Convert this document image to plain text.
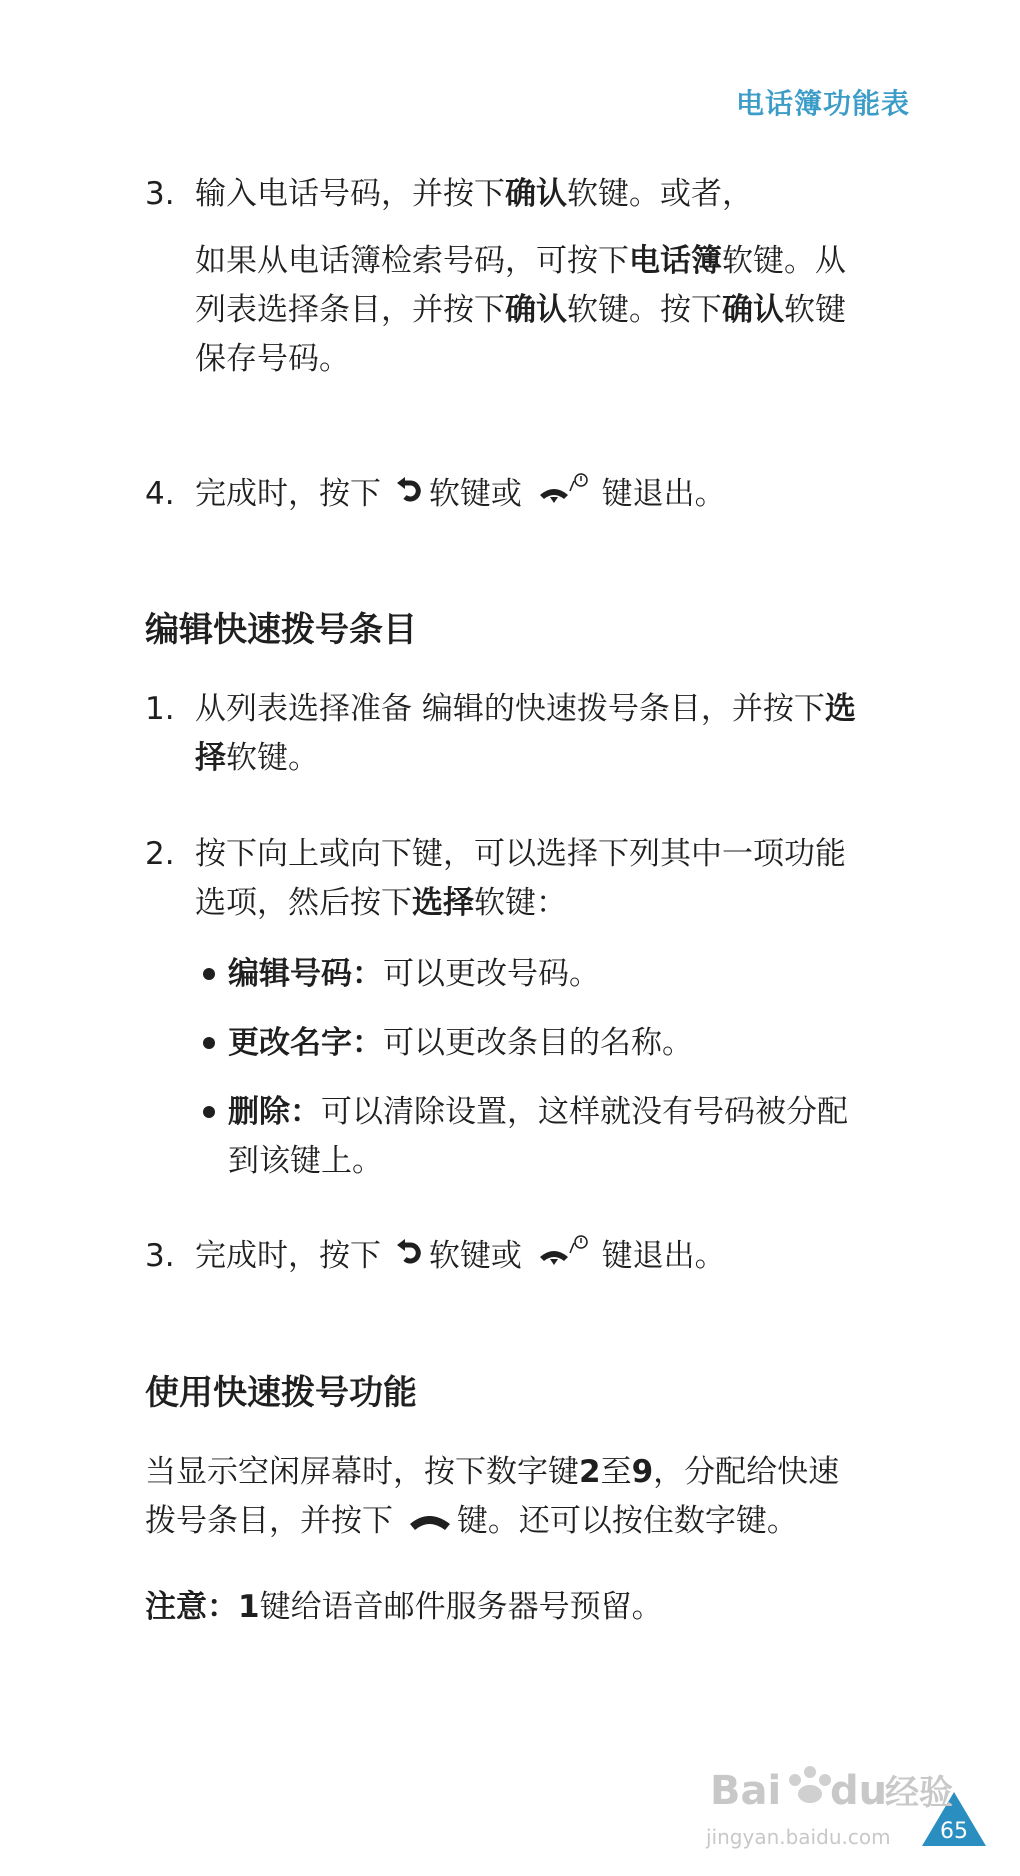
电话簿功能表
3. 输入电话号码，并按下确认软键。或者，
如果从电话簿检索号码，可按下电话簿软键。从
列表选择条目，并按下确认软键。按下确认软键
保存号码。
4. 完成时，按下 软键或	键退出。
编辑快速拨号条目
1. 从列表选择准备 编辑的快速拨号条目，并按下选
择软键。
2. 按下向上或向下键，可以选择下列其中一项功能
选项，然后按下选择软键：
编辑号码：可以更改号码。
更改名字：可以更改条目的名称。
删除：可以清除设置，这样就没有号码被分配
到该键上。
3. 完成时，按下 软键或	键退出。
使用快速拨号功能
当显示空闲屏幕时，按下数字键2至9，分配给快速
拨号条目，并按下 键。还可以按住数字键。
注意：1键给语音邮件服务器号预留。
65
Bai du
经验
jingyan.baidu.com
